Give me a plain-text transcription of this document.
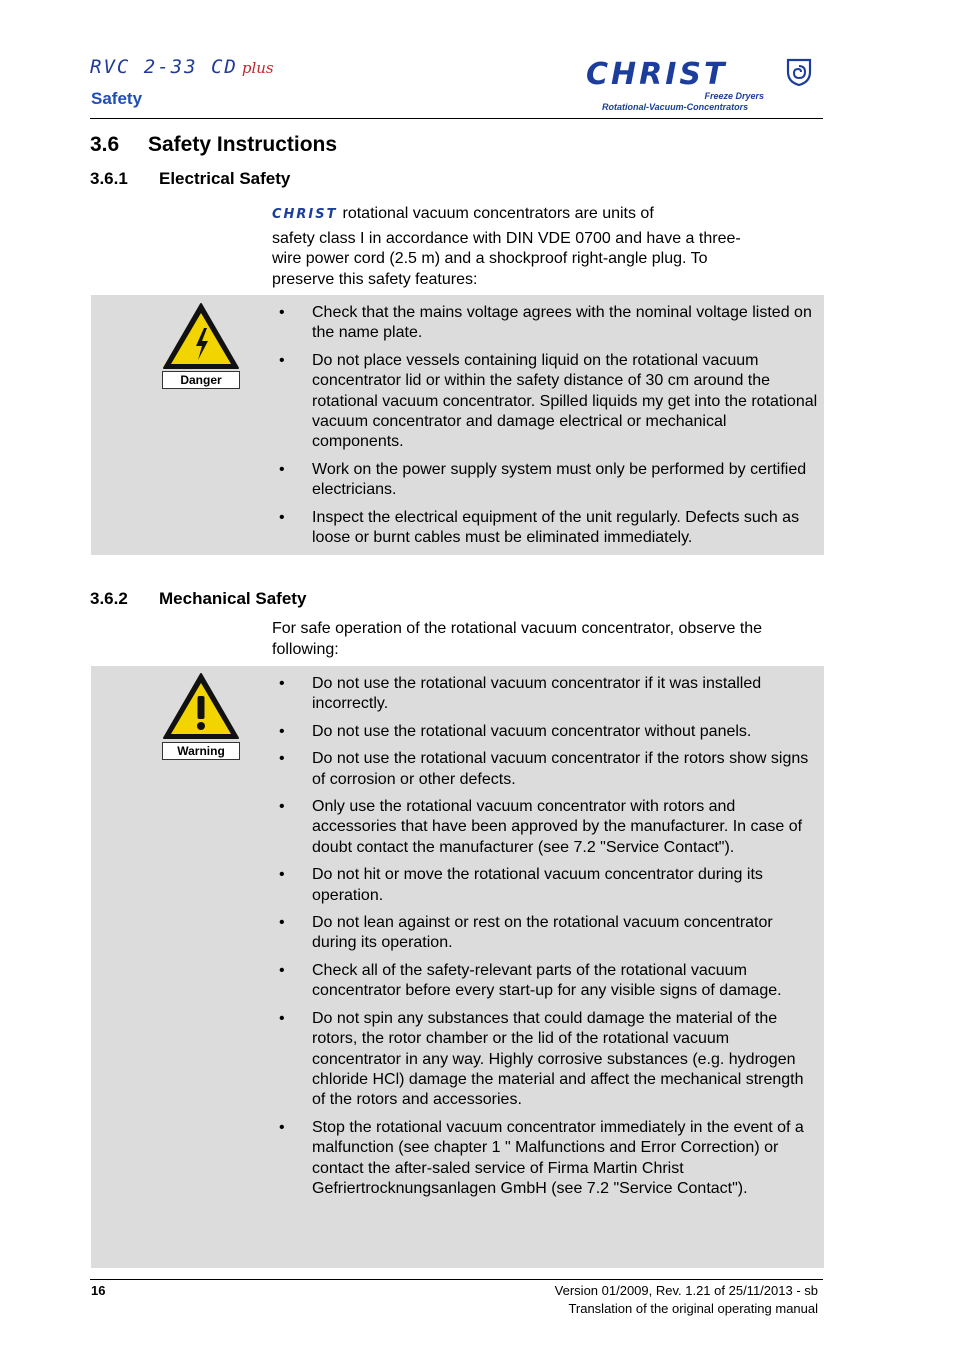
RVC 2-33 CD plus
Safety
CHRIST
Freeze Dryers
Rotational-Vacuum-Concentrators
3.6 Safety Instructions
3.6.1 Electrical Safety
CHRIST rotational vacuum concentrators are units of
safety class I in accordance with DIN VDE 0700 and have a three-
wire power cord (2.5 m) and a shockproof right-angle plug. To
preserve this safety features:
Danger
• Check that the mains voltage agrees with the nominal voltage listed on the name plate.
• Do not place vessels containing liquid on the rotational vacuum concentrator lid or within the safety distance of 30 cm around the rotational vacuum concentrator. Spilled liquids my get into the rotational vacuum concentrator and damage electrical or mechanical components.
• Work on the power supply system must only be performed by certified electricians.
• Inspect the electrical equipment of the unit regularly. Defects such as loose or burnt cables must be eliminated immediately.
3.6.2 Mechanical Safety
For safe operation of the rotational vacuum concentrator, observe the following:
Warning
• Do not use the rotational vacuum concentrator if it was installed incorrectly.
• Do not use the rotational vacuum concentrator without panels.
• Do not use the rotational vacuum concentrator if the rotors show signs of corrosion or other defects.
• Only use the rotational vacuum concentrator with rotors and accessories that have been approved by the manufacturer. In case of doubt contact the manufacturer (see 7.2 "Service Contact").
• Do not hit or move the rotational vacuum concentrator during its operation.
• Do not lean against or rest on the rotational vacuum concentrator during its operation.
• Check all of the safety-relevant parts of the rotational vacuum concentrator before every start-up for any visible signs of damage.
• Do not spin any substances that could damage the material of the rotors, the rotor chamber or the lid of the rotational vacuum concentrator in any way. Highly corrosive substances (e.g. hydrogen chloride HCl) damage the material and affect the mechanical strength of the rotors and accessories.
• Stop the rotational vacuum concentrator immediately in the event of a malfunction (see chapter 1 " Malfunctions and Error Correction) or contact the after-saled service of Firma Martin Christ Gefriertrocknungsanlagen GmbH (see 7.2 "Service Contact").
16	Version 01/2009, Rev. 1.21 of 25/11/2013 - sb
Translation of the original operating manual
